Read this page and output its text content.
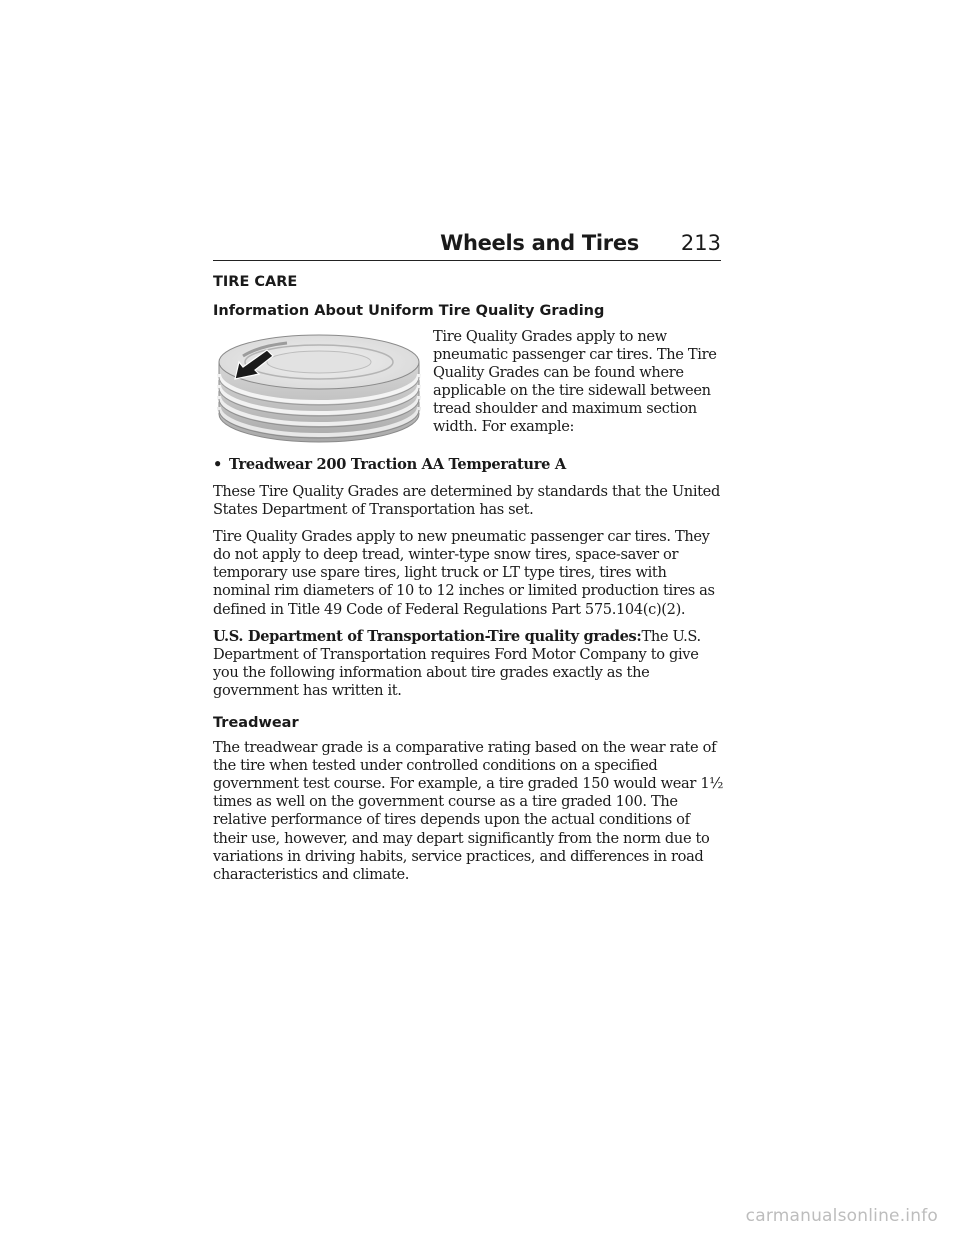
Wheels and Tires 213
TIRE CARE
Information About Uniform Tire Quality Grading

Tire Quality Grades apply to new pneumatic passenger car tires. The Tire Quality Grades can be found where applicable on the tire sidewall between tread shoulder and maximum section width. For example:

• Treadwear 200 Traction AA Temperature A

These Tire Quality Grades are determined by standards that the United States Department of Transportation has set.

Tire Quality Grades apply to new pneumatic passenger car tires. They do not apply to deep tread, winter-type snow tires, space-saver or temporary use spare tires, light truck or LT type tires, tires with nominal rim diameters of 10 to 12 inches or limited production tires as defined in Title 49 Code of Federal Regulations Part 575.104(c)(2).

U.S. Department of Transportation-Tire quality grades:The U.S. Department of Transportation requires Ford Motor Company to give you the following information about tire grades exactly as the government has written it.

Treadwear

The treadwear grade is a comparative rating based on the wear rate of the tire when tested under controlled conditions on a specified government test course. For example, a tire graded 150 would wear 1½ times as well on the government course as a tire graded 100. The relative performance of tires depends upon the actual conditions of their use, however, and may depart significantly from the norm due to variations in driving habits, service practices, and differences in road characteristics and climate.

carmanualsonline.info
